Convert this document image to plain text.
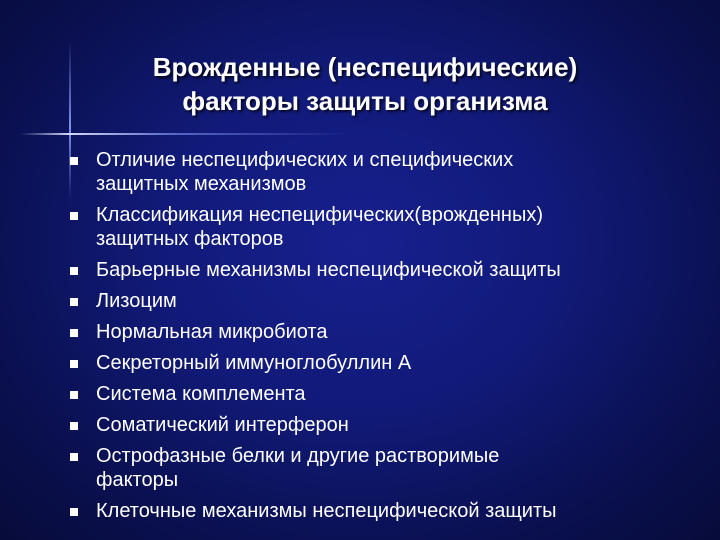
Врожденные (неспецифические)
факторы защиты организма
Отличие неспецифических и специфических
защитных механизмов
Классификация неспецифических(врожденных)
защитных факторов
Барьерные механизмы неспецифической защиты
Лизоцим
Нормальная микробиота
Секреторный иммуноглобуллин А
Система комплемента
Соматический интерферон
Острофазные белки и другие растворимые
факторы
Клеточные механизмы неспецифической защиты
